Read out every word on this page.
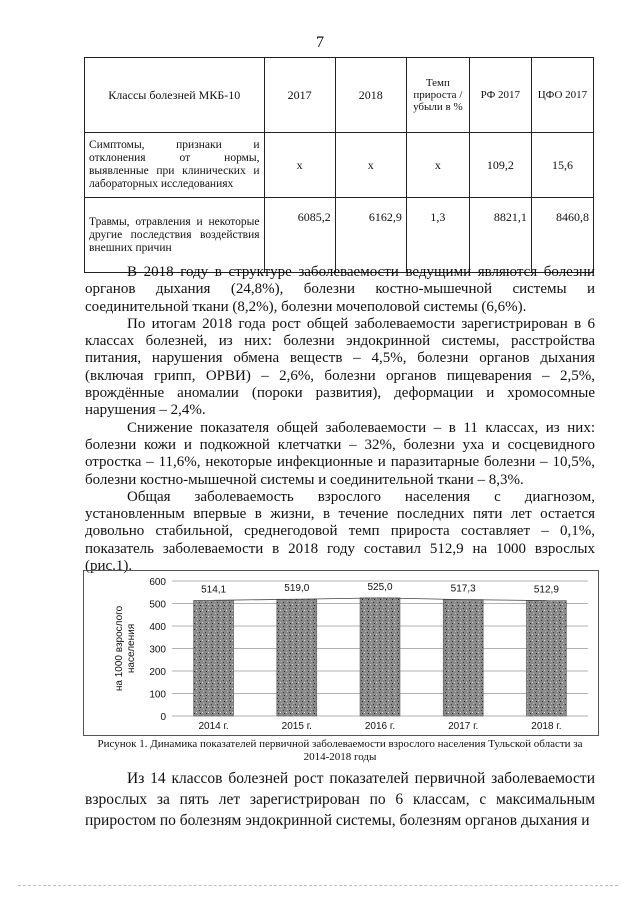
7
Классы болезней МКБ-10	2017	2018	Темп прироста /убыли в %	РФ 2017	ЦФО 2017
Симптомы, признаки и отклонения от нормы, выявленные при клинических и лабораторных исследованиях	x	x	x	109,2	15,6
Травмы, отравления и некоторые другие последствия воздействия внешних причин	6085,2	6162,9	1,3	8821,1	8460,8

В 2018 году в структуре заболеваемости ведущими являются болезни органов дыхания (24,8%), болезни костно-мышечной системы и соединительной ткани (8,2%), болезни мочеполовой системы (6,6%).

По итогам 2018 года рост общей заболеваемости зарегистрирован в 6 классах болезней, из них: болезни эндокринной системы, расстройства питания, нарушения обмена веществ – 4,5%, болезни органов дыхания (включая грипп, ОРВИ) – 2,6%, болезни органов пищеварения – 2,5%, врождённые аномалии (пороки развития), деформации и хромосомные нарушения – 2,4%.

Снижение показателя общей заболеваемости – в 11 классах, из них: болезни кожи и подкожной клетчатки – 32%, болезни уха и сосцевидного отростка – 11,6%, некоторые инфекционные и паразитарные болезни – 10,5%, болезни костно-мышечной системы и соединительной ткани – 8,3%.

Общая заболеваемость взрослого населения с диагнозом, установленным впервые в жизни, в течение последних пяти лет остается довольно стабильной, среднегодовой темп прироста составляет – 0,1%, показатель заболеваемости в 2018 году составил 512,9 на 1000 взрослых (рис.1).

0
100
200
300
400
500
600
на 1000 взрослогонаселения
514,1
2014 г.
519,0
2015 г.
525,0
2016 г.
517,3
2017 г.
512,9
2018 г.
Рисунок 1. Динамика показателей первичной заболеваемости взрослого населения Тульской области за 2014-2018 годы

Из 14 классов болезней рост показателей первичной заболеваемости взрослых за пять лет зарегистрирован по 6 классам, с максимальным приростом по болезням эндокринной системы, болезням органов дыхания и
